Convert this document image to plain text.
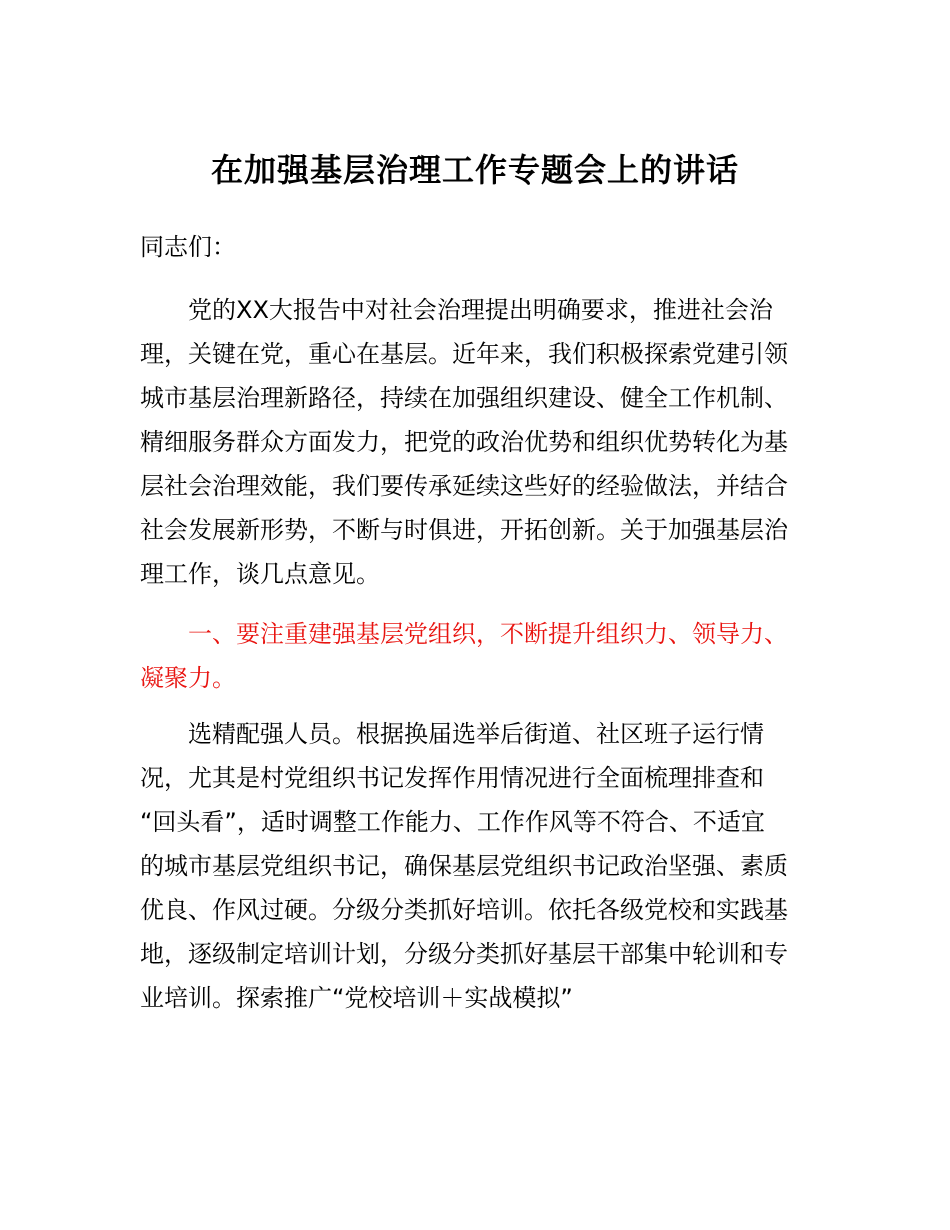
在加强基层治理工作专题会上的讲话
同志们：
党的XX大报告中对社会治理提出明确要求，推进社会治
理，关键在党，重心在基层。近年来，我们积极探索党建引领
城市基层治理新路径，持续在加强组织建设、健全工作机制、
精细服务群众方面发力，把党的政治优势和组织优势转化为基
层社会治理效能，我们要传承延续这些好的经验做法，并结合
社会发展新形势，不断与时俱进，开拓创新。关于加强基层治
理工作，谈几点意见。
一、要注重建强基层党组织，不断提升组织力、领导力、
凝聚力。
选精配强人员。根据换届选举后街道、社区班子运行情
况，尤其是村党组织书记发挥作用情况进行全面梳理排查和
“回头看”，适时调整工作能力、工作作风等不符合、不适宜
的城市基层党组织书记，确保基层党组织书记政治坚强、素质
优良、作风过硬。分级分类抓好培训。依托各级党校和实践基
地，逐级制定培训计划，分级分类抓好基层干部集中轮训和专
业培训。探索推广“党校培训＋实战模拟”
